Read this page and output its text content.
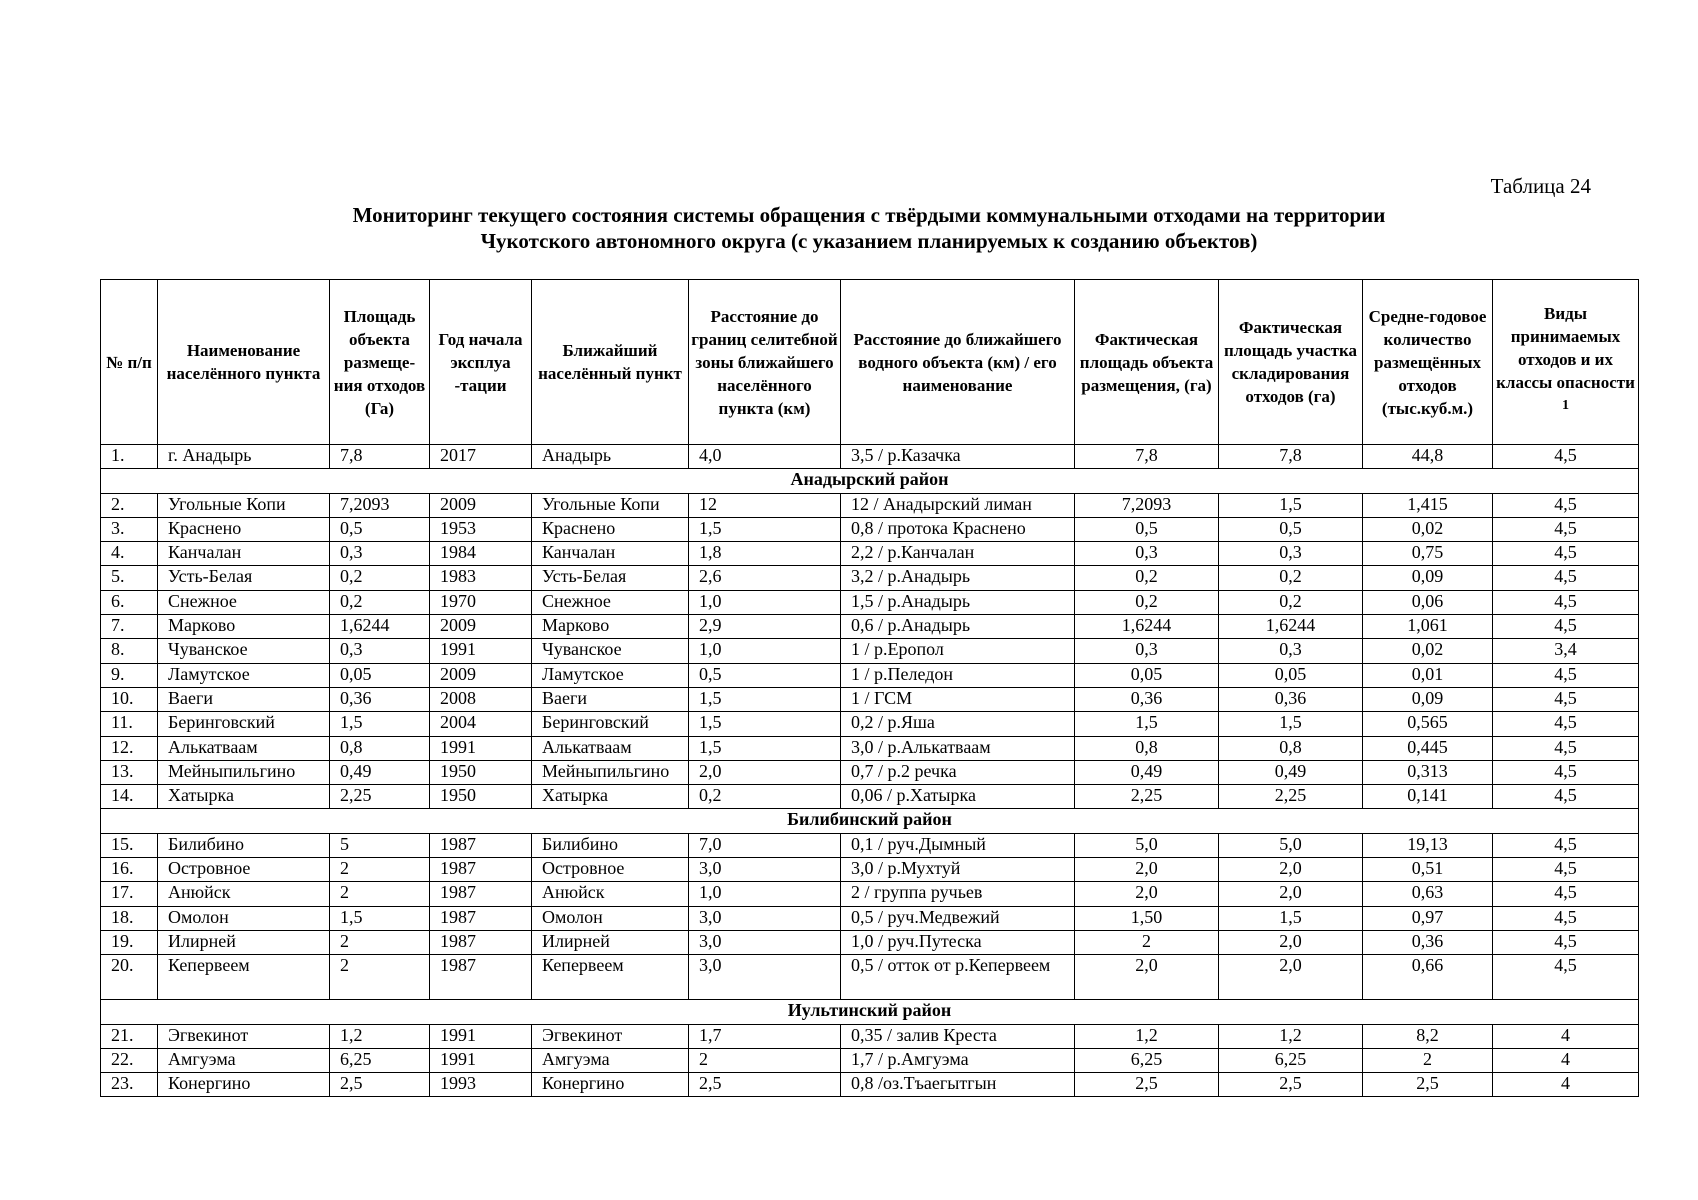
Таблица 24
Мониторинг текущего состояния системы обращения с твёрдыми коммунальными отходами на территории
Чукотского автономного округа (с указанием планируемых к созданию объектов)
№ п/п	Наименование населённого пункта	Площадь объекта размеще-ния отходов (Га)	Год начала эксплуа -тации	Ближайший населённый пункт	Расстояние до границ селитебной зоны ближайшего населённого пункта (км)	Расстояние до ближайшего водного объекта (км) / его наименование	Фактическая площадь объекта размещения, (га)	Фактическая площадь участка складирования отходов (га)	Средне-годовое количество размещённых отходов (тыс.куб.м.)	Виды принимаемых отходов и их классы опасности $^1$
1.	г. Анадырь	7,8	2017	Анадырь	4,0	3,5 / р.Казачка	7,8	7,8	44,8	4,5
Анадырский район										
2.	Угольные Копи	7,2093	2009	Угольные Копи	12	12 / Анадырский лиман	7,2093	1,5	1,415	4,5
3.	Краснено	0,5	1953	Краснено	1,5	0,8 / протока Краснено	0,5	0,5	0,02	4,5
4.	Канчалан	0,3	1984	Канчалан	1,8	2,2 / р.Канчалан	0,3	0,3	0,75	4,5
5.	Усть-Белая	0,2	1983	Усть-Белая	2,6	3,2 / р.Анадырь	0,2	0,2	0,09	4,5
6.	Снежное	0,2	1970	Снежное	1,0	1,5 / р.Анадырь	0,2	0,2	0,06	4,5
7.	Марково	1,6244	2009	Марково	2,9	0,6 / р.Анадырь	1,6244	1,6244	1,061	4,5
8.	Чуванское	0,3	1991	Чуванское	1,0	1 / р.Еропол	0,3	0,3	0,02	3,4
9.	Ламутское	0,05	2009	Ламутское	0,5	1 / р.Пеледон	0,05	0,05	0,01	4,5
10.	Ваеги	0,36	2008	Ваеги	1,5	1 / ГСМ	0,36	0,36	0,09	4,5
11.	Беринговский	1,5	2004	Беринговский	1,5	0,2 / р.Яша	1,5	1,5	0,565	4,5
12.	Алькатваам	0,8	1991	Алькатваам	1,5	3,0 / р.Алькатваам	0,8	0,8	0,445	4,5
13.	Мейныпильгино	0,49	1950	Мейныпильгино	2,0	0,7 / р.2 речка	0,49	0,49	0,313	4,5
14.	Хатырка	2,25	1950	Хатырка	0,2	0,06 / р.Хатырка	2,25	2,25	0,141	4,5
Билибинский район										
15.	Билибино	5	1987	Билибино	7,0	0,1 / руч.Дымный	5,0	5,0	19,13	4,5
16.	Островное	2	1987	Островное	3,0	3,0 / р.Мухтуй	2,0	2,0	0,51	4,5
17.	Анюйск	2	1987	Анюйск	1,0	2 / группа ручьев	2,0	2,0	0,63	4,5
18.	Омолон	1,5	1987	Омолон	3,0	0,5 / руч.Медвежий	1,50	1,5	0,97	4,5
19.	Илирней	2	1987	Илирней	3,0	1,0 / руч.Путеска	2	2,0	0,36	4,5
20.	Кепервеем	2	1987	Кепервеем	3,0	0,5 / отток от р.Кепервеем	2,0	2,0	0,66	4,5
Иультинский район										
21.	Эгвекинот	1,2	1991	Эгвекинот	1,7	0,35 / залив Креста	1,2	1,2	8,2	4
22.	Амгуэма	6,25	1991	Амгуэма	2	1,7 / р.Амгуэма	6,25	6,25	2	4
23.	Конергино	2,5	1993	Конергино	2,5	0,8 /оз.Тъаегытгын	2,5	2,5	2,5	4
